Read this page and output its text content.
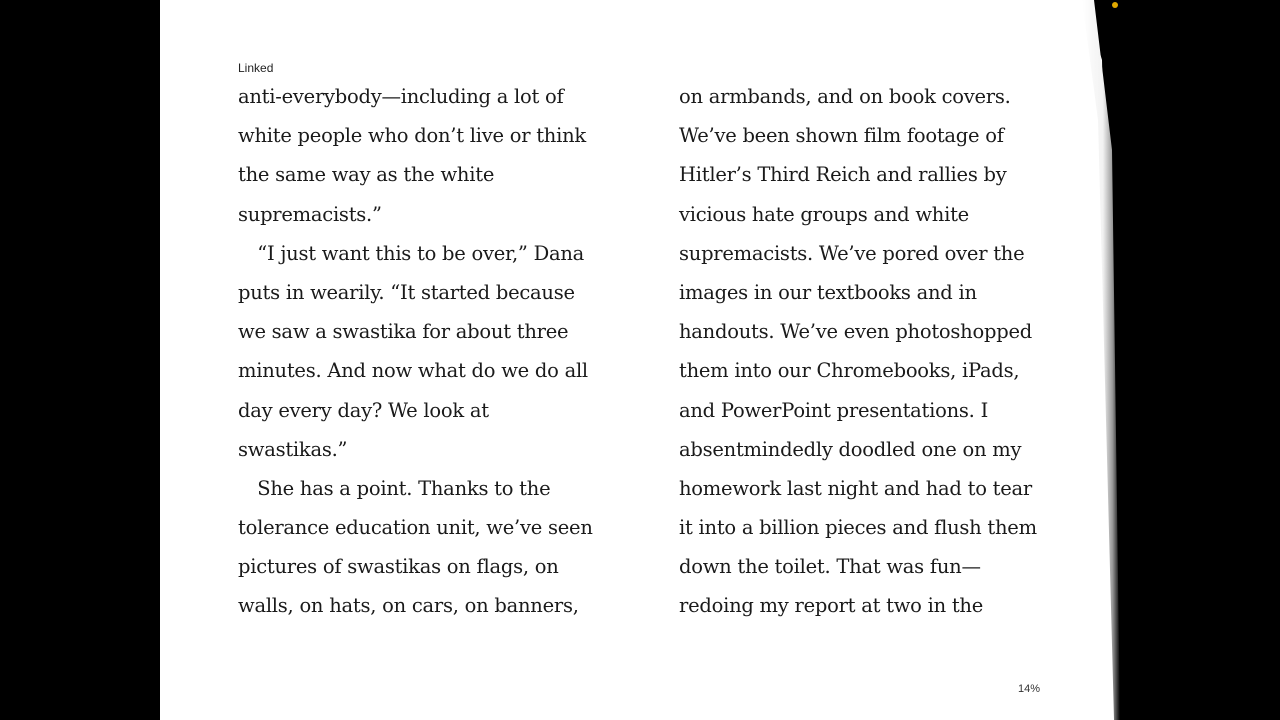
Linked

anti-everybody—including a lot of
white people who don’t live or think
the same way as the white
supremacists.”
 “I just want this to be over,” Dana
puts in wearily. “It started because
we saw a swastika for about three
minutes. And now what do we do all
day every day? We look at
swastikas.”
 She has a point. Thanks to the
tolerance education unit, we’ve seen
pictures of swastikas on flags, on
walls, on hats, on cars, on banners,
on armbands, and on book covers.
We’ve been shown film footage of
Hitler’s Third Reich and rallies by
vicious hate groups and white
supremacists. We’ve pored over the
images in our textbooks and in
handouts. We’ve even photoshopped
them into our Chromebooks, iPads,
and PowerPoint presentations. I
absentmindedly doodled one on my
homework last night and had to tear
it into a billion pieces and flush them
down the toilet. That was fun—
redoing my report at two in the
14%
